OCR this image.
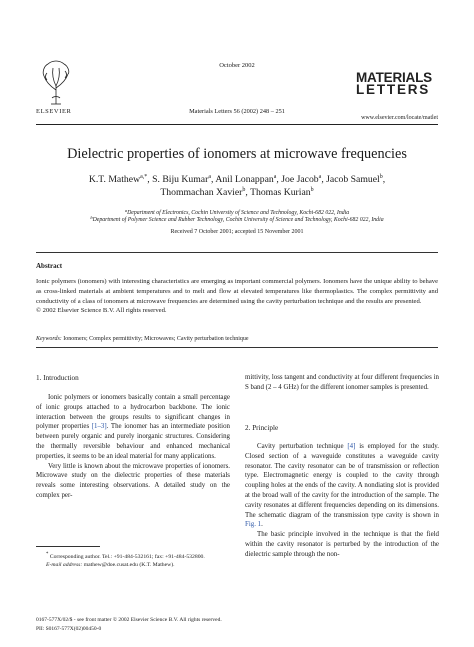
ELSEVIER
October 2002
Materials Letters 56 (2002) 248 – 251
MATERIALS
LETTERS
www.elsevier.com/locate/matlet
Dielectric properties of ionomers at microwave frequencies
K.T. Mathew$^{a,*}$, S. Biju Kumar$^a$, Anil Lonappan$^a$, Joe Jacob$^a$, Jacob Samuel$^b$,
Thommachan Xavier$^b$, Thomas Kurian$^b$
$^a$Department of Electronics, Cochin University of Science and Technology, Kochi-682 022, India
$^b$Department of Polymer Science and Rubber Technology, Cochin University of Science and Technology, Kochi-682 022, India
Received 7 October 2001; accepted 15 November 2001
Abstract

Ionic polymers (ionomers) with interesting characteristics are emerging as important commercial polymers. Ionomers have the unique ability to behave as cross-linked materials at ambient temperatures and to melt and flow at elevated temperatures like thermoplastics. The complex permittivity and conductivity of a class of ionomers at microwave frequencies are determined using the cavity perturbation technique and the results are presented.

© 2002 Elsevier Science B.V. All rights reserved.

Keywords: Ionomers; Complex permittivity; Microwaves; Cavity perturbation technique
1. Introduction

Ionic polymers or ionomers basically contain a small percentage of ionic groups attached to a hydrocarbon backbone. The ionic interaction between the groups results to significant changes in polymer properties [1–3]. The ionomer has an intermediate position between purely organic and purely inorganic structures. Considering the thermally reversible behaviour and enhanced mechanical properties, it seems to be an ideal material for many applications.

Very little is known about the microwave properties of ionomers. Microwave study on the dielectric properties of these materials reveals some interesting observations. A detailed study on the complex per-

* Corresponding author. Tel.: +91-484-532161; fax: +91-484-532800.
E-mail address: mathew@doe.cusat.edu (K.T. Mathew).
0167-577X/02/$ - see front matter © 2002 Elsevier Science B.V. All rights reserved.
PII: S0167-577X(02)00450-0

mittivity, loss tangent and conductivity at four different frequencies in S band (2 – 4 GHz) for the different ionomer samples is presented.

2. Principle

Cavity perturbation technique [4] is employed for the study. Closed section of a waveguide constitutes a waveguide cavity resonator. The cavity resonator can be of transmission or reflection type. Electromagnetic energy is coupled to the cavity through coupling holes at the ends of the cavity. A nondiating slot is provided at the broad wall of the cavity for the introduction of the sample. The cavity resonates at different frequencies depending on its dimensions. The schematic diagram of the transmission type cavity is shown in Fig. 1.

The basic principle involved in the technique is that the field within the cavity resonator is perturbed by the introduction of the dielectric sample through the non-
